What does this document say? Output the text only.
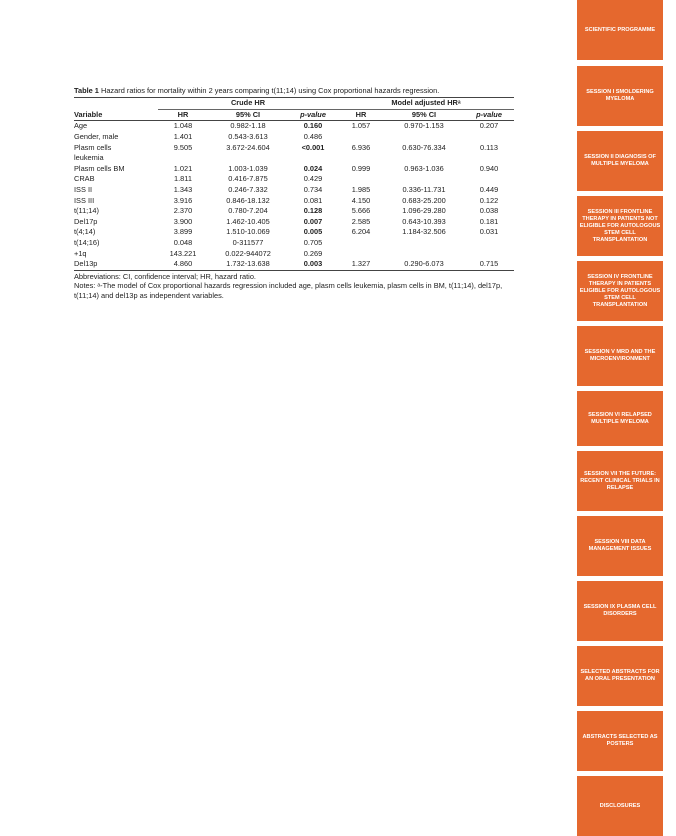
Table 1 Hazard ratios for mortality within 2 years comparing t(11;14) using Cox proportional hazards regression.
	Crude HR			Model adjusted HRᵃ		
Variable	HR	95% CI	p-value	HR	95% CI	p-value
Age	1.048	0.982-1.18	0.160	1.057	0.970-1.153	0.207
Gender, male	1.401	0.543-3.613	0.486			
Plasm cells	9.505	3.672-24.604	<0.001	6.936	0.630-76.334	0.113
leukemia						
Plasm cells BM	1.021	1.003-1.039	0.024	0.999	0.963-1.036	0.940
CRAB	1.811	0.416-7.875	0.429			
ISS II	1.343	0.246-7.332	0.734	1.985	0.336-11.731	0.449
ISS III	3.916	0.846-18.132	0.081	4.150	0.683-25.200	0.122
t(11;14)	2.370	0.780-7.204	0.128	5.666	1.096-29.280	0.038
Del17p	3.900	1.462-10.405	0.007	2.585	0.643-10.393	0.181
t(4;14)	3.899	1.510-10.069	0.005	6.204	1.184-32.506	0.031
t(14;16)	0.048	0-311577	0.705			
+1q	143.221	0.022-944072	0.269			
Del13p	4.860	1.732-13.638	0.003	1.327	0.290-6.073	0.715

Abbreviations: CI, confidence interval; HR, hazard ratio.

Notes: ᵃ-The model of Cox proportional hazards regression included age, plasm cells leukemia, plasm cells in BM, t(11;14), del17p, t(11;14) and del13p as independent variables.

SCIENTIFIC PROGRAMME
SESSION I SMOLDERING MYELOMA
SESSION II DIAGNOSIS OF MULTIPLE MYELOMA
SESSION III FRONTLINE THERAPY IN PATIENTS NOT ELIGIBLE FOR AUTOLOGOUS STEM CELL TRANSPLANTATION
SESSION IV FRONTLINE THERAPY IN PATIENTS ELIGIBLE FOR AUTOLOGOUS STEM CELL TRANSPLANTATION
SESSION V MRD AND THE MICROENVIRONMENT
SESSION VI RELAPSED MULTIPLE MYELOMA
SESSION VII THE FUTURE: RECENT CLINICAL TRIALS IN RELAPSE
SESSION VIII DATA MANAGEMENT ISSUES
SESSION IX PLASMA CELL DISORDERS
SELECTED ABSTRACTS FOR AN ORAL PRESENTATION
ABSTRACTS SELECTED AS POSTERS
DISCLOSURES
